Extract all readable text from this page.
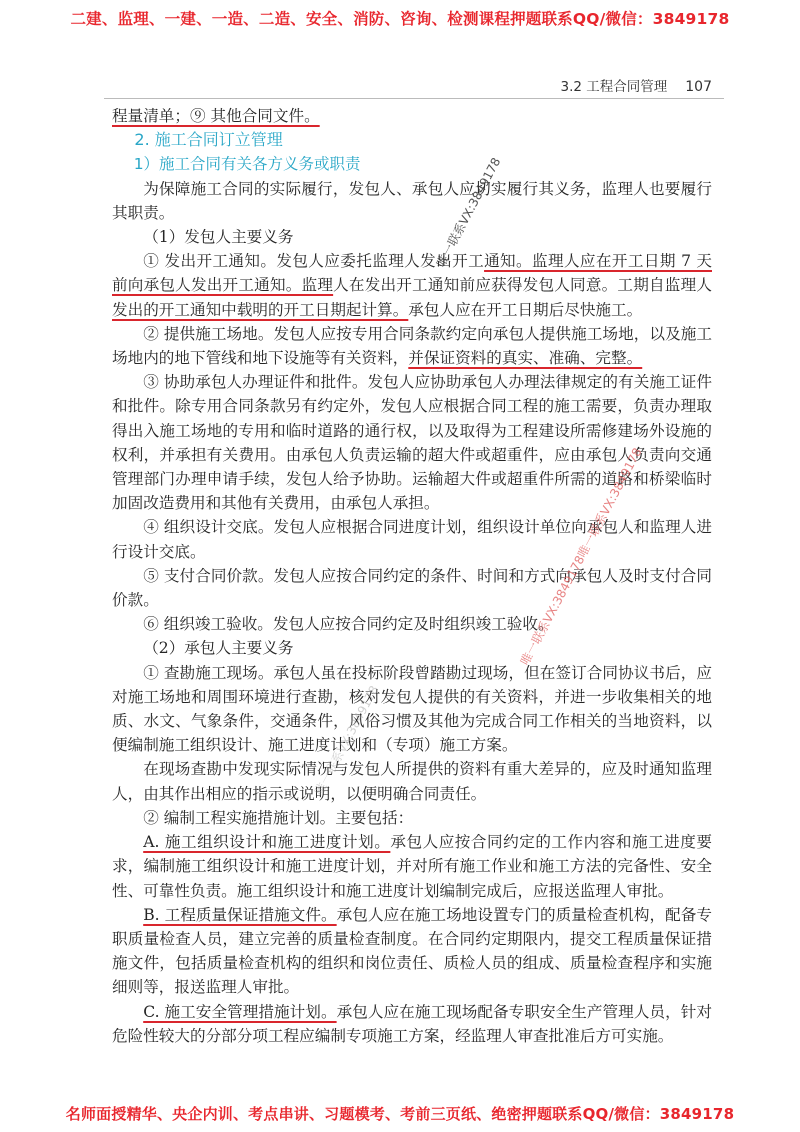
二建、监理、一建、一造、二造、安全、消防、咨询、检测课程押题联系QQ/微信：3849178
3.2 工程合同管理 107

程量清单；⑨ 其他合同文件。

2. 施工合同订立管理

1）施工合同有关各方义务或职责

为保障施工合同的实际履行，发包人、承包人应切实履行其义务，监理人也要履行其职责。

（1）发包人主要义务

① 发出开工通知。发包人应委托监理人发出开工通知。监理人应在开工日期 7 天前向承包人发出开工通知。监理人在发出开工通知前应获得发包人同意。工期自监理人发出的开工通知中载明的开工日期起计算。承包人应在开工日期后尽快施工。

② 提供施工场地。发包人应按专用合同条款约定向承包人提供施工场地，以及施工场地内的地下管线和地下设施等有关资料，并保证资料的真实、准确、完整。

③ 协助承包人办理证件和批件。发包人应协助承包人办理法律规定的有关施工证件和批件。除专用合同条款另有约定外，发包人应根据合同工程的施工需要，负责办理取得出入施工场地的专用和临时道路的通行权，以及取得为工程建设所需修建场外设施的权利，并承担有关费用。由承包人负责运输的超大件或超重件，应由承包人负责向交通管理部门办理申请手续，发包人给予协助。运输超大件或超重件所需的道路和桥梁临时加固改造费用和其他有关费用，由承包人承担。

④ 组织设计交底。发包人应根据合同进度计划，组织设计单位向承包人和监理人进行设计交底。

⑤ 支付合同价款。发包人应按合同约定的条件、时间和方式向承包人及时支付合同价款。

⑥ 组织竣工验收。发包人应按合同约定及时组织竣工验收。

（2）承包人主要义务

① 查勘施工现场。承包人虽在投标阶段曾踏勘过现场，但在签订合同协议书后，应对施工场地和周围环境进行查勘，核对发包人提供的有关资料，并进一步收集相关的地质、水文、气象条件，交通条件，风俗习惯及其他为完成合同工作相关的当地资料，以便编制施工组织设计、施工进度计划和（专项）施工方案。

在现场查勘中发现实际情况与发包人所提供的资料有重大差异的，应及时通知监理人，由其作出相应的指示或说明，以便明确合同责任。

② 编制工程实施措施计划。主要包括：

A. 施工组织设计和施工进度计划。承包人应按合同约定的工作内容和施工进度要求，编制施工组织设计和施工进度计划，并对所有施工作业和施工方法的完备性、安全性、可靠性负责。施工组织设计和施工进度计划编制完成后，应报送监理人审批。

B. 工程质量保证措施文件。承包人应在施工场地设置专门的质量检查机构，配备专职质量检查人员，建立完善的质量检查制度。在合同约定期限内，提交工程质量保证措施文件，包括质量检查机构的组织和岗位责任、质检人员的组成、质量检查程序和实施细则等，报送监理人审批。

C. 施工安全管理措施计划。承包人应在施工现场配备专职安全生产管理人员，针对危险性较大的分部分项工程应编制专项施工方案，经监理人审查批准后方可实施。

唯一联系VX:3849178
唯一联系VX:3849178唯一联系VX:3849178
唯一联系VX:3849178
名师面授精华、央企内训、考点串讲、习题模考、考前三页纸、绝密押题联系QQ/微信：3849178
